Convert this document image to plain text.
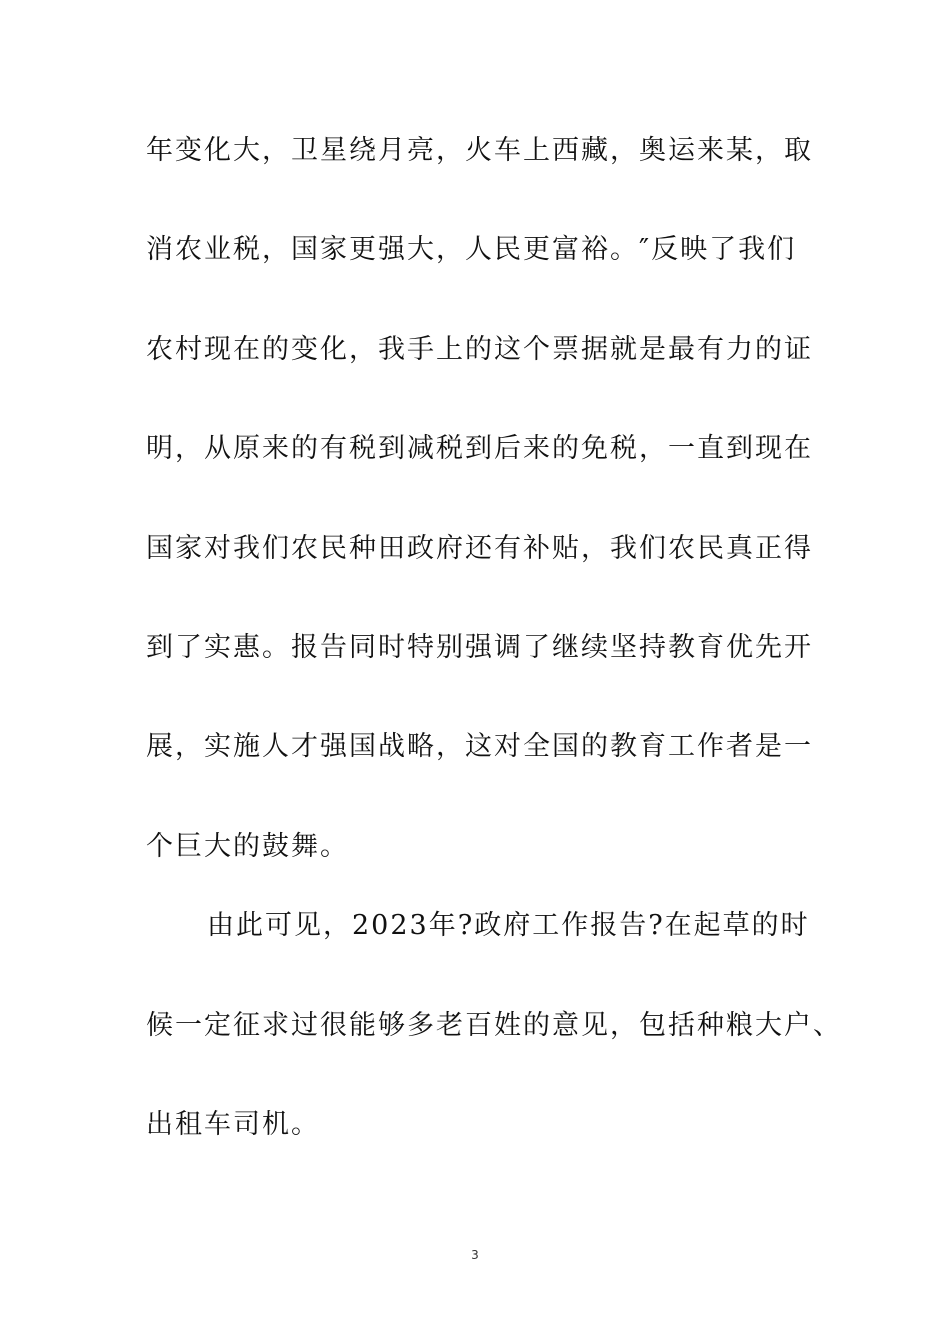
年变化大，卫星绕月亮，火车上西藏，奥运来某，取
消农业税，国家更强大，人民更富裕。″反映了我们
农村现在的变化，我手上的这个票据就是最有力的证
明，从原来的有税到减税到后来的免税，一直到现在
国家对我们农民种田政府还有补贴，我们农民真正得
到了实惠。报告同时特别强调了继续坚持教育优先开
展，实施人才强国战略，这对全国的教育工作者是一
个巨大的鼓舞。
由此可见，2023年?政府工作报告?在起草的时
候一定征求过很能够多老百姓的意见，包括种粮大户、
出租车司机。
3
